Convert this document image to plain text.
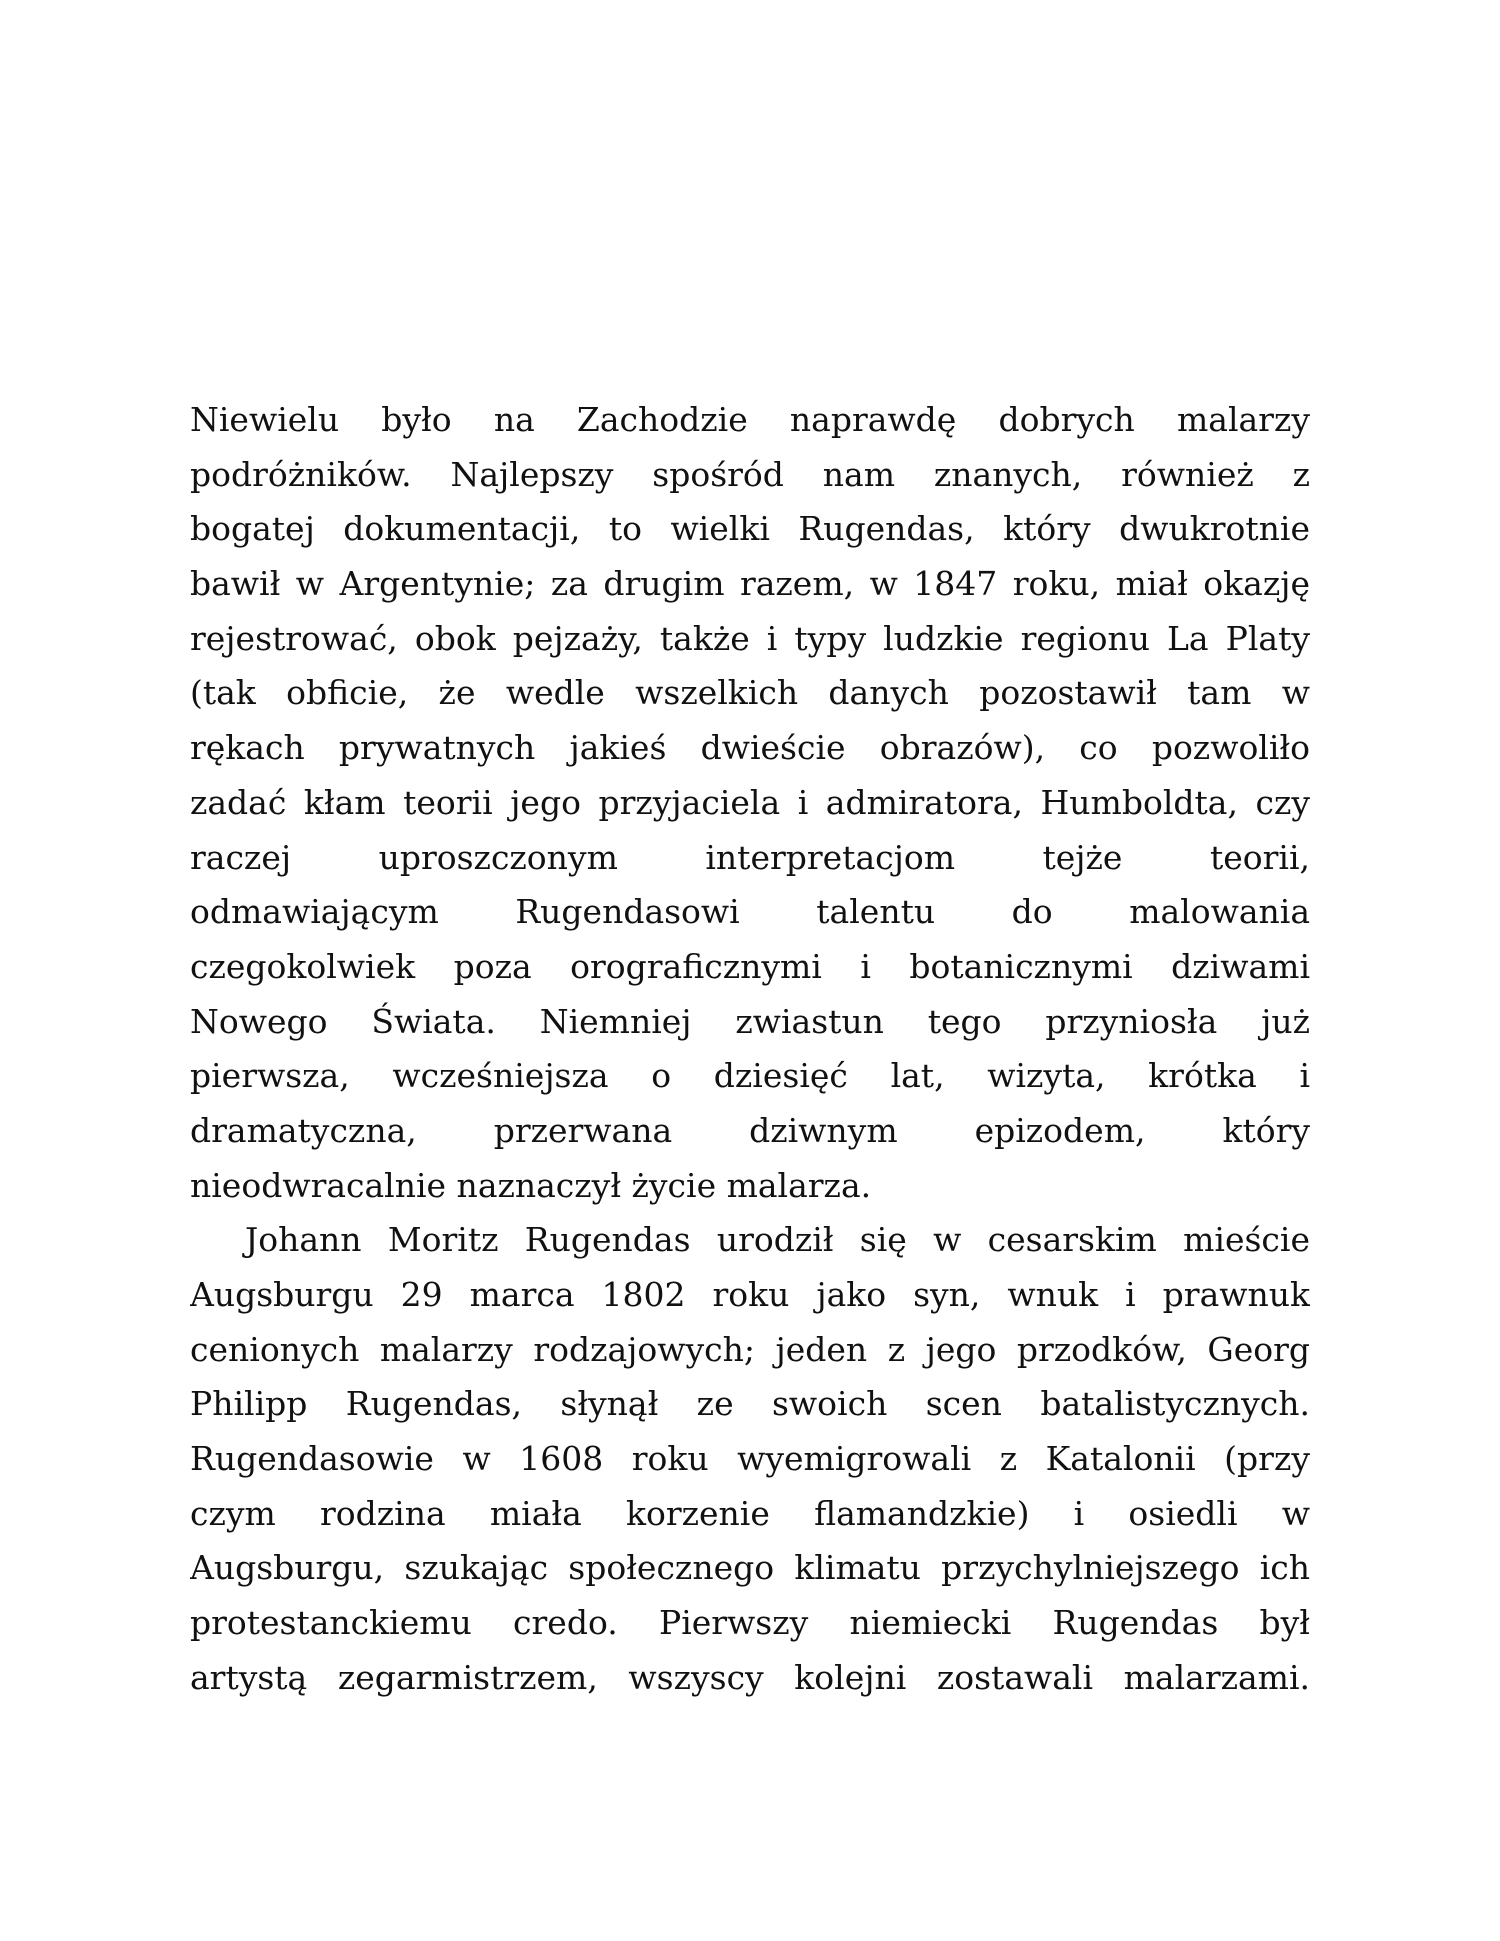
Niewielu było na Zachodzie naprawdę dobrych malarzy
podróżników. Najlepszy spośród nam znanych, również z
bogatej dokumentacji, to wielki Rugendas, który dwukrotnie
bawił w Argentynie; za drugim razem, w 1847 roku, miał okazję
rejestrować, obok pejzaży, także i typy ludzkie regionu La Platy
(tak obficie, że wedle wszelkich danych pozostawił tam w
rękach prywatnych jakieś dwieście obrazów), co pozwoliło
zadać kłam teorii jego przyjaciela i admiratora, Humboldta, czy
raczej uproszczonym interpretacjom tejże teorii,
odmawiającym Rugendasowi talentu do malowania
czegokolwiek poza orograficznymi i botanicznymi dziwami
Nowego Świata. Niemniej zwiastun tego przyniosła już
pierwsza, wcześniejsza o dziesięć lat, wizyta, krótka i
dramatyczna, przerwana dziwnym epizodem, który
nieodwracalnie naznaczył życie malarza.
Johann Moritz Rugendas urodził się w cesarskim mieście
Augsburgu 29 marca 1802 roku jako syn, wnuk i prawnuk
cenionych malarzy rodzajowych; jeden z jego przodków, Georg
Philipp Rugendas, słynął ze swoich scen batalistycznych.
Rugendasowie w 1608 roku wyemigrowali z Katalonii (przy
czym rodzina miała korzenie flamandzkie) i osiedli w
Augsburgu, szukając społecznego klimatu przychylniejszego ich
protestanckiemu credo. Pierwszy niemiecki Rugendas był
artystą zegarmistrzem, wszyscy kolejni zostawali malarzami.
